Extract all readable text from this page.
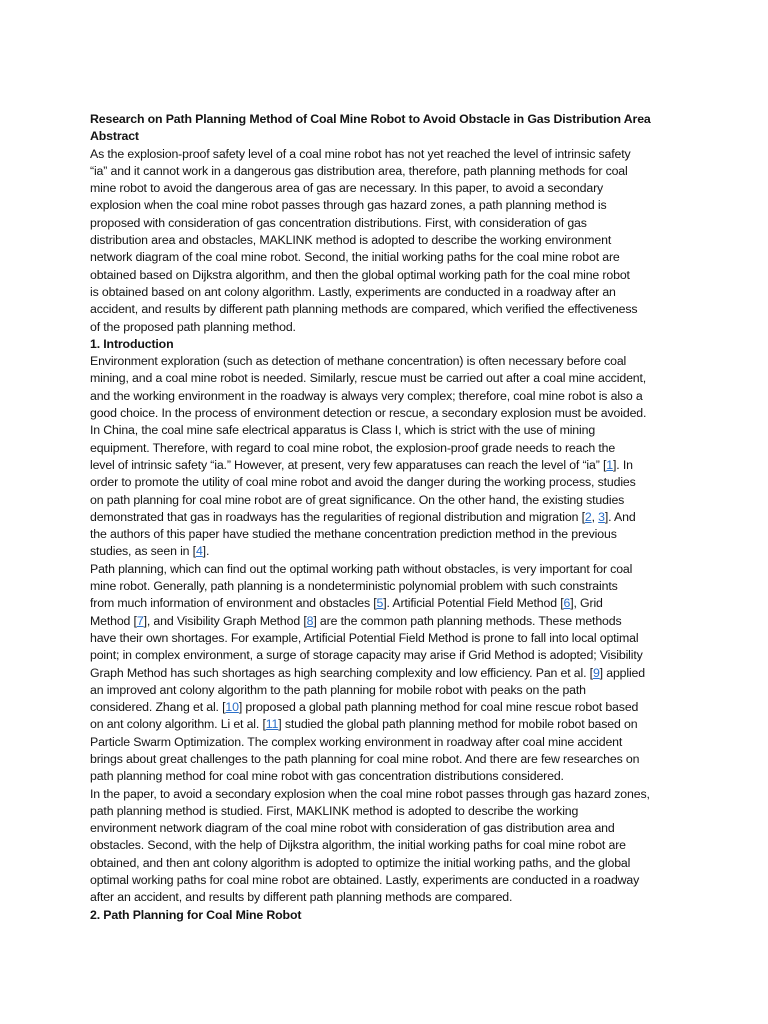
Research on Path Planning Method of Coal Mine Robot to Avoid Obstacle in Gas Distribution Area
Abstract
As the explosion-proof safety level of a coal mine robot has not yet reached the level of intrinsic safety
“ia” and it cannot work in a dangerous gas distribution area, therefore, path planning methods for coal
mine robot to avoid the dangerous area of gas are necessary. In this paper, to avoid a secondary
explosion when the coal mine robot passes through gas hazard zones, a path planning method is
proposed with consideration of gas concentration distributions. First, with consideration of gas
distribution area and obstacles, MAKLINK method is adopted to describe the working environment
network diagram of the coal mine robot. Second, the initial working paths for the coal mine robot are
obtained based on Dijkstra algorithm, and then the global optimal working path for the coal mine robot
is obtained based on ant colony algorithm. Lastly, experiments are conducted in a roadway after an
accident, and results by different path planning methods are compared, which verified the effectiveness
of the proposed path planning method.
1. Introduction
Environment exploration (such as detection of methane concentration) is often necessary before coal
mining, and a coal mine robot is needed. Similarly, rescue must be carried out after a coal mine accident,
and the working environment in the roadway is always very complex; therefore, coal mine robot is also a
good choice. In the process of environment detection or rescue, a secondary explosion must be avoided.
In China, the coal mine safe electrical apparatus is Class I, which is strict with the use of mining
equipment. Therefore, with regard to coal mine robot, the explosion-proof grade needs to reach the
level of intrinsic safety “ia.” However, at present, very few apparatuses can reach the level of “ia” [1]. In
order to promote the utility of coal mine robot and avoid the danger during the working process, studies
on path planning for coal mine robot are of great significance. On the other hand, the existing studies
demonstrated that gas in roadways has the regularities of regional distribution and migration [2, 3]. And
the authors of this paper have studied the methane concentration prediction method in the previous
studies, as seen in [4].
Path planning, which can find out the optimal working path without obstacles, is very important for coal
mine robot. Generally, path planning is a nondeterministic polynomial problem with such constraints
from much information of environment and obstacles [5]. Artificial Potential Field Method [6], Grid
Method [7], and Visibility Graph Method [8] are the common path planning methods. These methods
have their own shortages. For example, Artificial Potential Field Method is prone to fall into local optimal
point; in complex environment, a surge of storage capacity may arise if Grid Method is adopted; Visibility
Graph Method has such shortages as high searching complexity and low efficiency. Pan et al. [9] applied
an improved ant colony algorithm to the path planning for mobile robot with peaks on the path
considered. Zhang et al. [10] proposed a global path planning method for coal mine rescue robot based
on ant colony algorithm. Li et al. [11] studied the global path planning method for mobile robot based on
Particle Swarm Optimization. The complex working environment in roadway after coal mine accident
brings about great challenges to the path planning for coal mine robot. And there are few researches on
path planning method for coal mine robot with gas concentration distributions considered.
In the paper, to avoid a secondary explosion when the coal mine robot passes through gas hazard zones,
path planning method is studied. First, MAKLINK method is adopted to describe the working
environment network diagram of the coal mine robot with consideration of gas distribution area and
obstacles. Second, with the help of Dijkstra algorithm, the initial working paths for coal mine robot are
obtained, and then ant colony algorithm is adopted to optimize the initial working paths, and the global
optimal working paths for coal mine robot are obtained. Lastly, experiments are conducted in a roadway
after an accident, and results by different path planning methods are compared.
2. Path Planning for Coal Mine Robot
